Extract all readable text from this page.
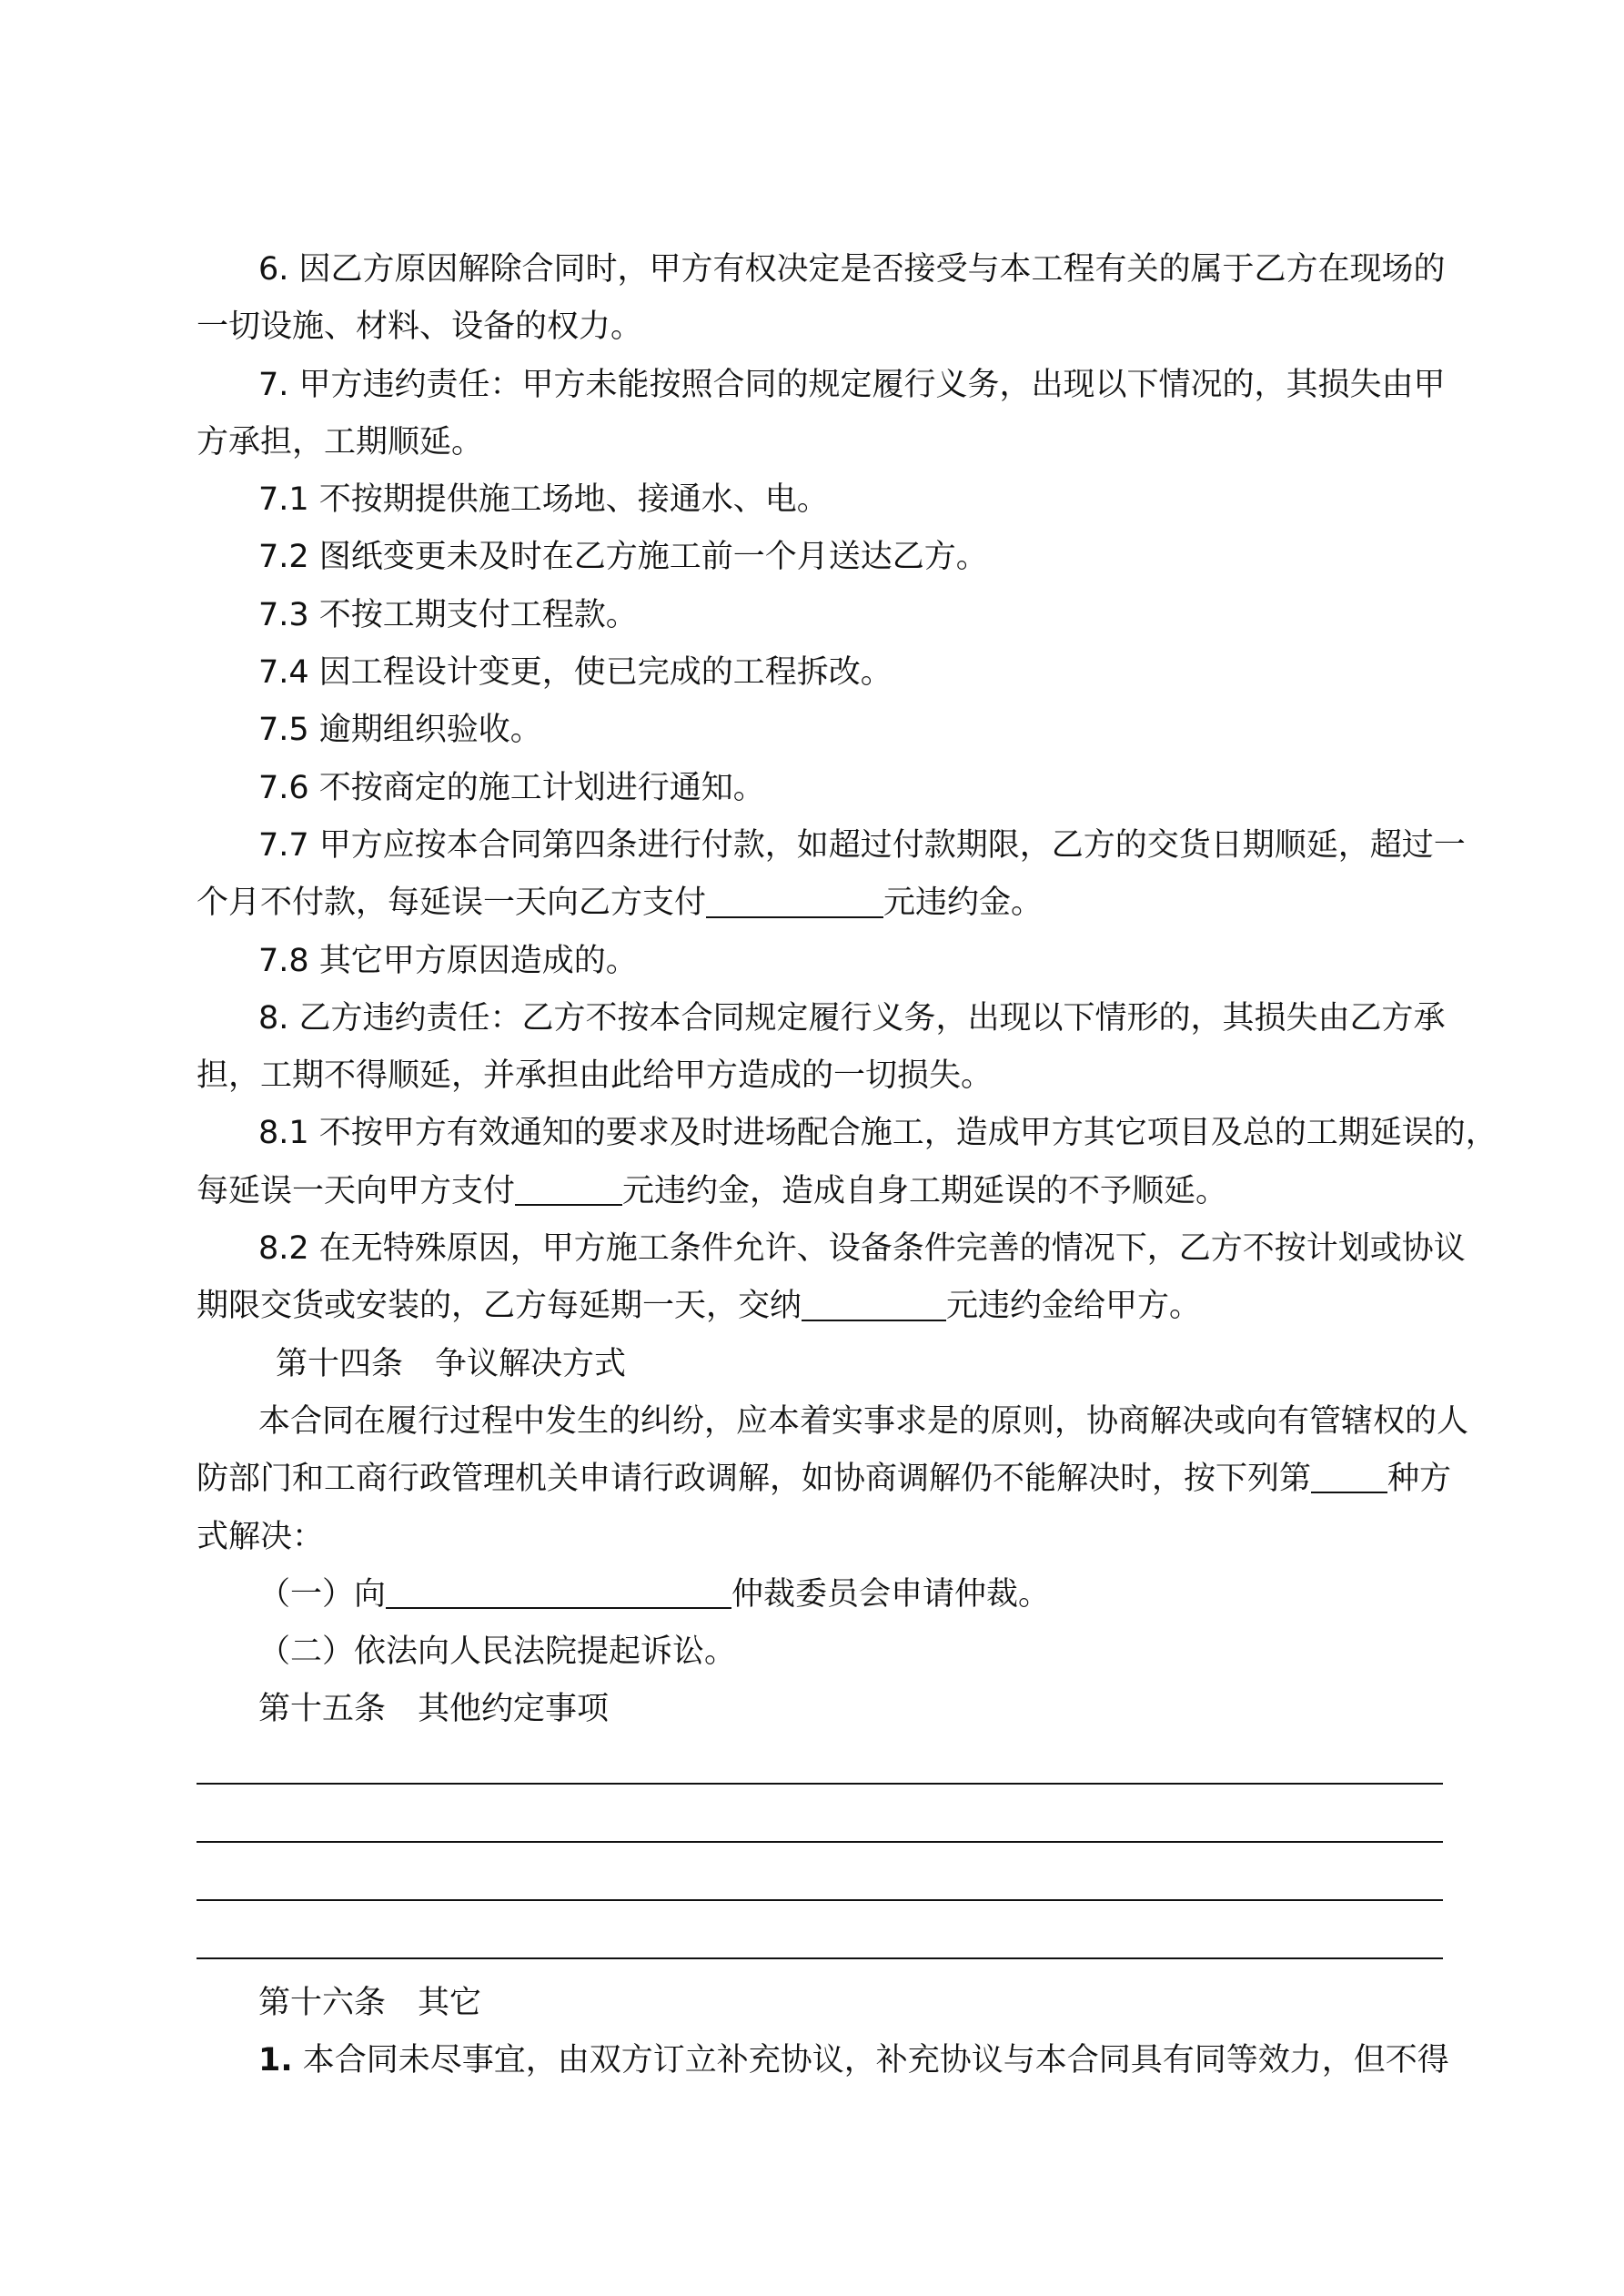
6. 因乙方原因解除合同时，甲方有权决定是否接受与本工程有关的属于乙方在现场的
一切设施、材料、设备的权力。
7. 甲方违约责任：甲方未能按照合同的规定履行义务，出现以下情况的，其损失由甲
方承担，工期顺延。
7.1 不按期提供施工场地、接通水、电。
7.2 图纸变更未及时在乙方施工前一个月送达乙方。
7.3 不按工期支付工程款。
7.4 因工程设计变更，使已完成的工程拆改。
7.5 逾期组织验收。
7.6 不按商定的施工计划进行通知。
7.7 甲方应按本合同第四条进行付款，如超过付款期限，乙方的交货日期顺延，超过一
个月不付款，每延误一天向乙方支付	元违约金。
7.8 其它甲方原因造成的。
8. 乙方违约责任：乙方不按本合同规定履行义务，出现以下情形的，其损失由乙方承
担，工期不得顺延，并承担由此给甲方造成的一切损失。
8.1 不按甲方有效通知的要求及时进场配合施工，造成甲方其它项目及总的工期延误的，
每延误一天向甲方支付	元违约金，造成自身工期延误的不予顺延。
8.2 在无特殊原因，甲方施工条件允许、设备条件完善的情况下，乙方不按计划或协议
期限交货或安装的，乙方每延期一天，交纳	元违约金给甲方。
第十四条　争议解决方式
本合同在履行过程中发生的纠纷，应本着实事求是的原则，协商解决或向有管辖权的人
防部门和工商行政管理机关申请行政调解，如协商调解仍不能解决时，按下列第 种方
式解决：
（一）向	仲裁委员会申请仲裁。
（二）依法向人民法院提起诉讼。
第十五条　其他约定事项
第十六条　其它
1. 本合同未尽事宜，由双方订立补充协议，补充协议与本合同具有同等效力，但不得
